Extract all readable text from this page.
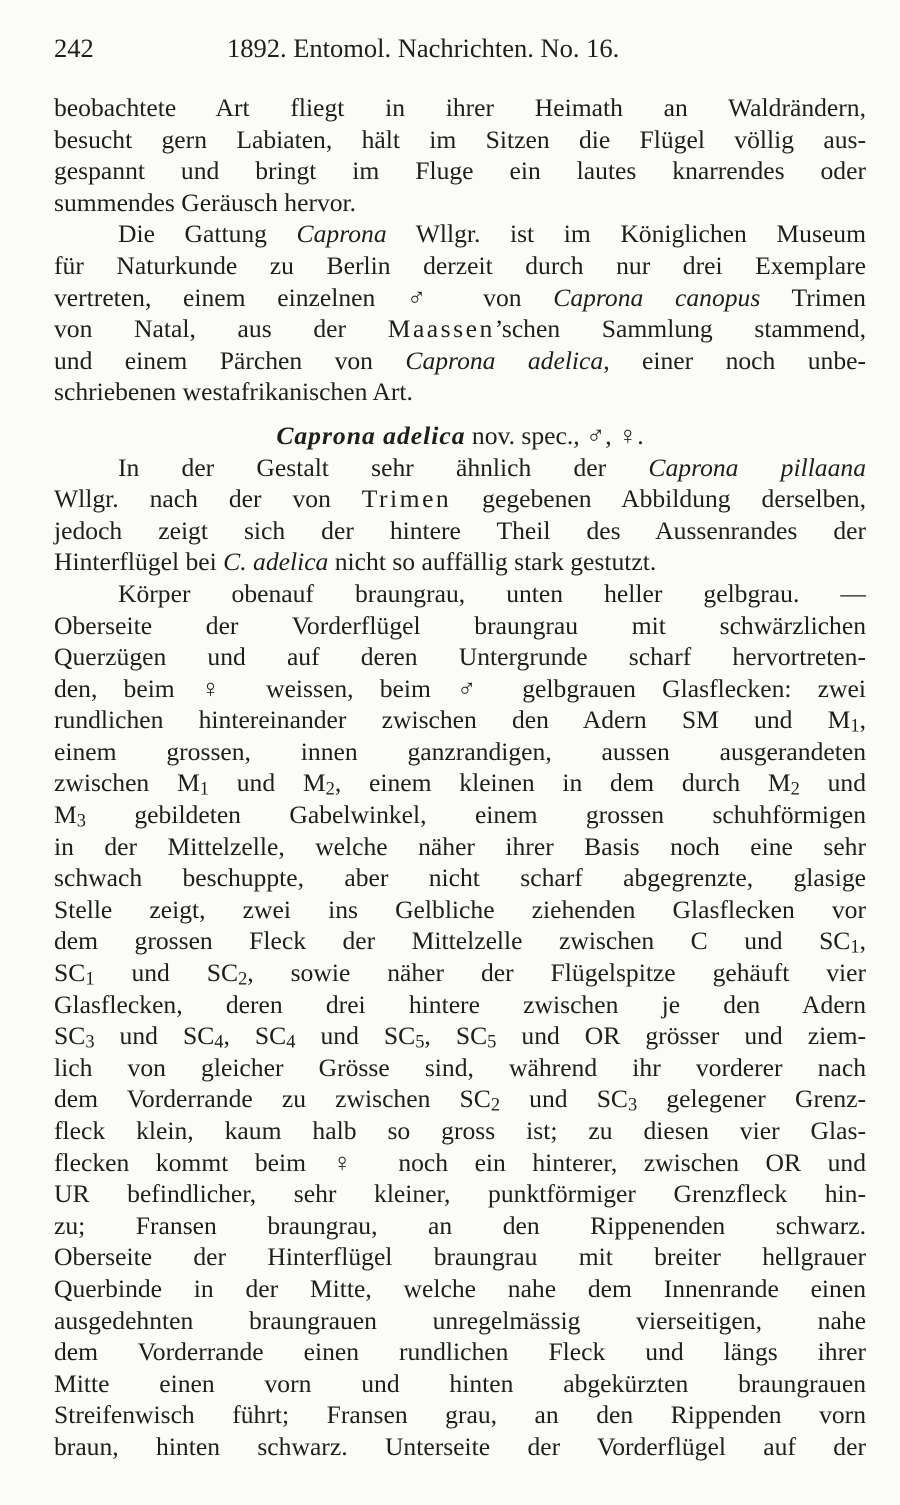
242	1892. Entomol. Nachrichten. No. 16.
beobachtete Art fliegt in ihrer Heimath an Waldrändern,
besucht gern Labiaten, hält im Sitzen die Flügel völlig aus-
gespannt und bringt im Fluge ein lautes knarrendes oder
summendes Geräusch hervor.
Die Gattung Caprona Wllgr. ist im Königlichen Museum
für Naturkunde zu Berlin derzeit durch nur drei Exemplare
vertreten, einem einzelnen ♂ von Caprona canopus Trimen
von Natal, aus der Maassen’schen Sammlung stammend,
und einem Pärchen von Caprona adelica, einer noch unbe-
schriebenen westafrikanischen Art.
Caprona adelica nov. spec., ♂, ♀.
In der Gestalt sehr ähnlich der Caprona pillaana
Wllgr. nach der von Trimen gegebenen Abbildung derselben,
jedoch zeigt sich der hintere Theil des Aussenrandes der
Hinterflügel bei C. adelica nicht so auffällig stark gestutzt.
Körper obenauf braungrau, unten heller gelbgrau. —
Oberseite der Vorderflügel braungrau mit schwärzlichen
Querzügen und auf deren Untergrunde scharf hervortreten-
den, beim ♀ weissen, beim ♂ gelbgrauen Glasflecken: zwei
rundlichen hintereinander zwischen den Adern SM und M1,
einem grossen, innen ganzrandigen, aussen ausgerandeten
zwischen M1 und M2, einem kleinen in dem durch M2 und
M3 gebildeten Gabelwinkel, einem grossen schuhförmigen
in der Mittelzelle, welche näher ihrer Basis noch eine sehr
schwach beschuppte, aber nicht scharf abgegrenzte, glasige
Stelle zeigt, zwei ins Gelbliche ziehenden Glasflecken vor
dem grossen Fleck der Mittelzelle zwischen C und SC1,
SC1 und SC2, sowie näher der Flügelspitze gehäuft vier
Glasflecken, deren drei hintere zwischen je den Adern
SC3 und SC4, SC4 und SC5, SC5 und OR grösser und ziem-
lich von gleicher Grösse sind, während ihr vorderer nach
dem Vorderrande zu zwischen SC2 und SC3 gelegener Grenz-
fleck klein, kaum halb so gross ist; zu diesen vier Glas-
flecken kommt beim ♀ noch ein hinterer, zwischen OR und
UR befindlicher, sehr kleiner, punktförmiger Grenzfleck hin-
zu; Fransen braungrau, an den Rippenenden schwarz.
Oberseite der Hinterflügel braungrau mit breiter hellgrauer
Querbinde in der Mitte, welche nahe dem Innenrande einen
ausgedehnten braungrauen unregelmässig vierseitigen, nahe
dem Vorderrande einen rundlichen Fleck und längs ihrer
Mitte einen vorn und hinten abgekürzten braungrauen
Streifenwisch führt; Fransen grau, an den Rippenden vorn
braun, hinten schwarz. Unterseite der Vorderflügel auf der
